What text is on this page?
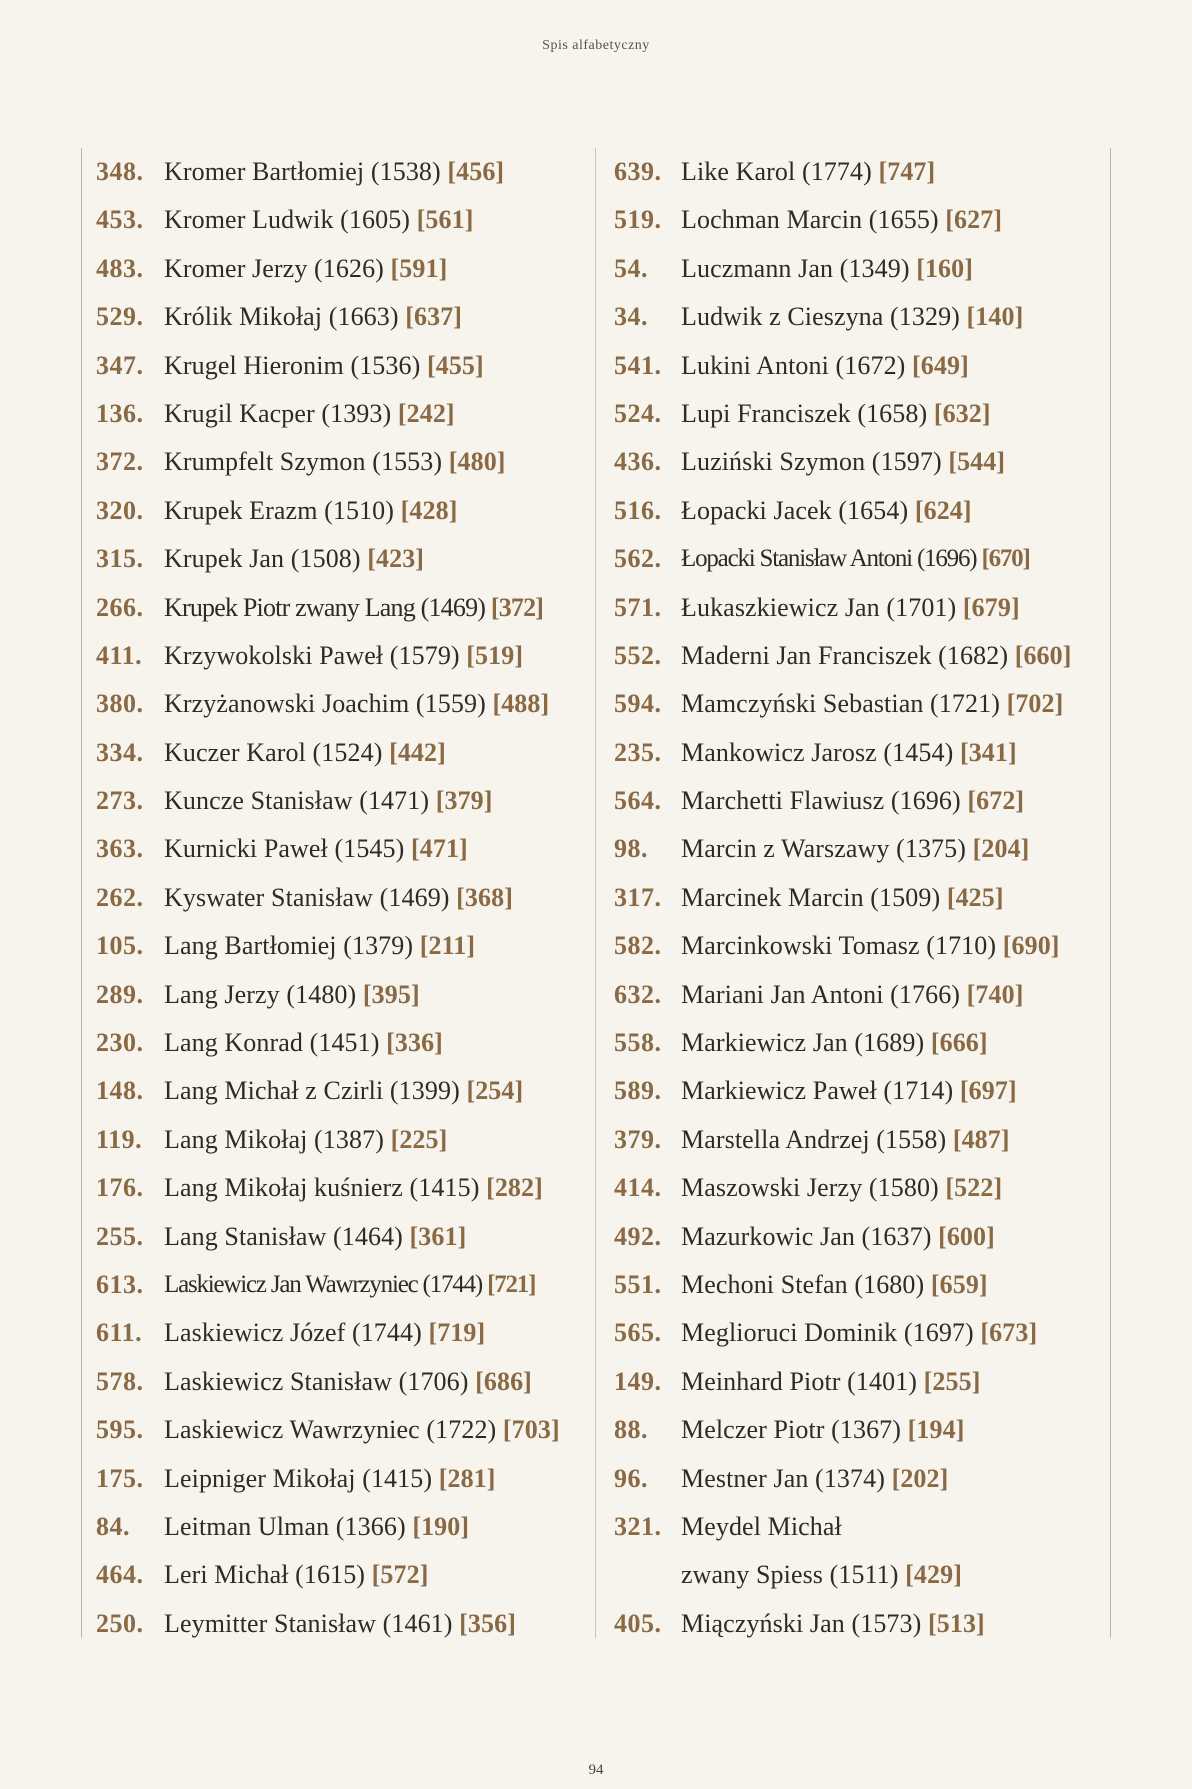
Spis alfabetyczny
348. Kromer Bartłomiej (1538) [456]
453. Kromer Ludwik (1605) [561]
483. Kromer Jerzy (1626) [591]
529. Królik Mikołaj (1663) [637]
347. Krugel Hieronim (1536) [455]
136. Krugil Kacper (1393) [242]
372. Krumpfelt Szymon (1553) [480]
320. Krupek Erazm (1510) [428]
315. Krupek Jan (1508) [423]
266. Krupek Piotr zwany Lang (1469) [372]
411. Krzywokolski Paweł (1579) [519]
380. Krzyżanowski Joachim (1559) [488]
334. Kuczer Karol (1524) [442]
273. Kuncze Stanisław (1471) [379]
363. Kurnicki Paweł (1545) [471]
262. Kyswater Stanisław (1469) [368]
105. Lang Bartłomiej (1379) [211]
289. Lang Jerzy (1480) [395]
230. Lang Konrad (1451) [336]
148. Lang Michał z Czirli (1399) [254]
119. Lang Mikołaj (1387) [225]
176. Lang Mikołaj kuśnierz (1415) [282]
255. Lang Stanisław (1464) [361]
613. Laskiewicz Jan Wawrzyniec (1744) [721]
611. Laskiewicz Józef (1744) [719]
578. Laskiewicz Stanisław (1706) [686]
595. Laskiewicz Wawrzyniec (1722) [703]
175. Leipniger Mikołaj (1415) [281]
84. Leitman Ulman (1366) [190]
464. Leri Michał (1615) [572]
250. Leymitter Stanisław (1461) [356]
639. Like Karol (1774) [747]
519. Lochman Marcin (1655) [627]
54. Luczmann Jan (1349) [160]
34. Ludwik z Cieszyna (1329) [140]
541. Lukini Antoni (1672) [649]
524. Lupi Franciszek (1658) [632]
436. Luziński Szymon (1597) [544]
516. Łopacki Jacek (1654) [624]
562. Łopacki Stanisław Antoni (1696) [670]
571. Łukaszkiewicz Jan (1701) [679]
552. Maderni Jan Franciszek (1682) [660]
594. Mamczyński Sebastian (1721) [702]
235. Mankowicz Jarosz (1454) [341]
564. Marchetti Flawiusz (1696) [672]
98. Marcin z Warszawy (1375) [204]
317. Marcinek Marcin (1509) [425]
582. Marcinkowski Tomasz (1710) [690]
632. Mariani Jan Antoni (1766) [740]
558. Markiewicz Jan (1689) [666]
589. Markiewicz Paweł (1714) [697]
379. Marstella Andrzej (1558) [487]
414. Maszowski Jerzy (1580) [522]
492. Mazurkowic Jan (1637) [600]
551. Mechoni Stefan (1680) [659]
565. Meglioruci Dominik (1697) [673]
149. Meinhard Piotr (1401) [255]
88. Melczer Piotr (1367) [194]
96. Mestner Jan (1374) [202]
321. Meydel Michał
zwany Spiess (1511) [429]
405. Miączyński Jan (1573) [513]
94
